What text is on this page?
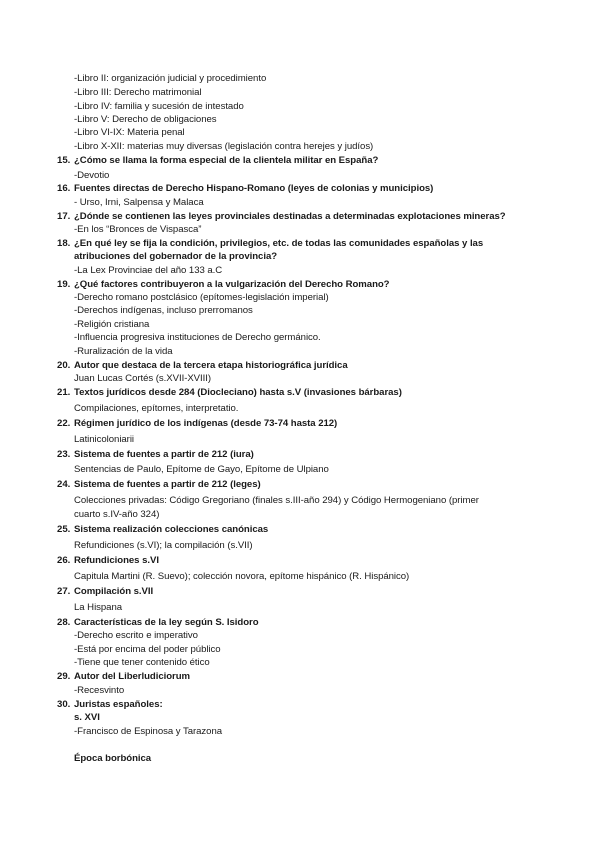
-Libro II: organización judicial y procedimiento
-Libro III: Derecho matrimonial
-Libro IV: familia y sucesión de intestado
-Libro V: Derecho de obligaciones
-Libro VI-IX: Materia penal
-Libro X-XII: materias muy diversas (legislación contra herejes y judíos)
15. ¿Cómo se llama la forma especial de la clientela militar en España?
-Devotio
16. Fuentes directas de Derecho Hispano-Romano (leyes de colonias y municipios)
- Urso, Irni, Salpensa y Malaca
17. ¿Dónde se contienen las leyes provinciales destinadas a determinadas explotaciones mineras?
-En los “Bronces de Vispasca”
18. ¿En qué ley se fija la condición, privilegios, etc. de todas las comunidades españolas y las
atribuciones del gobernador de la provincia?
-La Lex Provinciae del año 133 a.C
19. ¿Qué factores contribuyeron a la vulgarización del Derecho Romano?
-Derecho romano postclásico (epítomes-legislación imperial)
-Derechos indígenas, incluso prerromanos
-Religión cristiana
-Influencia progresiva instituciones de Derecho germánico.
-Ruralización de la vida
20. Autor que destaca de la tercera etapa historiográfica jurídica
Juan Lucas Cortés (s.XVII-XVIII)
21. Textos jurídicos desde 284 (Diocleciano) hasta s.V (invasiones bárbaras)
Compilaciones, epítomes, interpretatio.
22. Régimen jurídico de los indígenas (desde 73-74 hasta 212)
Latinicoloniarii
23. Sistema de fuentes a partir de 212 (iura)
Sentencias de Paulo, Epítome de Gayo, Epítome de Ulpiano
24. Sistema de fuentes a partir de 212 (leges)
Colecciones privadas: Código Gregoriano (finales s.III-año 294) y Código Hermogeniano (primer
cuarto s.IV-año 324)
25. Sistema realización colecciones canónicas
Refundiciones (s.VI); la compilación (s.VII)
26. Refundiciones s.VI
Capitula Martini (R. Suevo); colección novora, epítome hispánico (R. Hispánico)
27. Compilación s.VII
La Hispana
28. Características de la ley según S. Isidoro
-Derecho escrito e imperativo
-Está por encima del poder público
-Tiene que tener contenido ético
29. Autor del Liberludiciorum
-Recesvinto
30. Juristas españoles:
s. XVI
-Francisco de Espinosa y Tarazona
Época borbónica
